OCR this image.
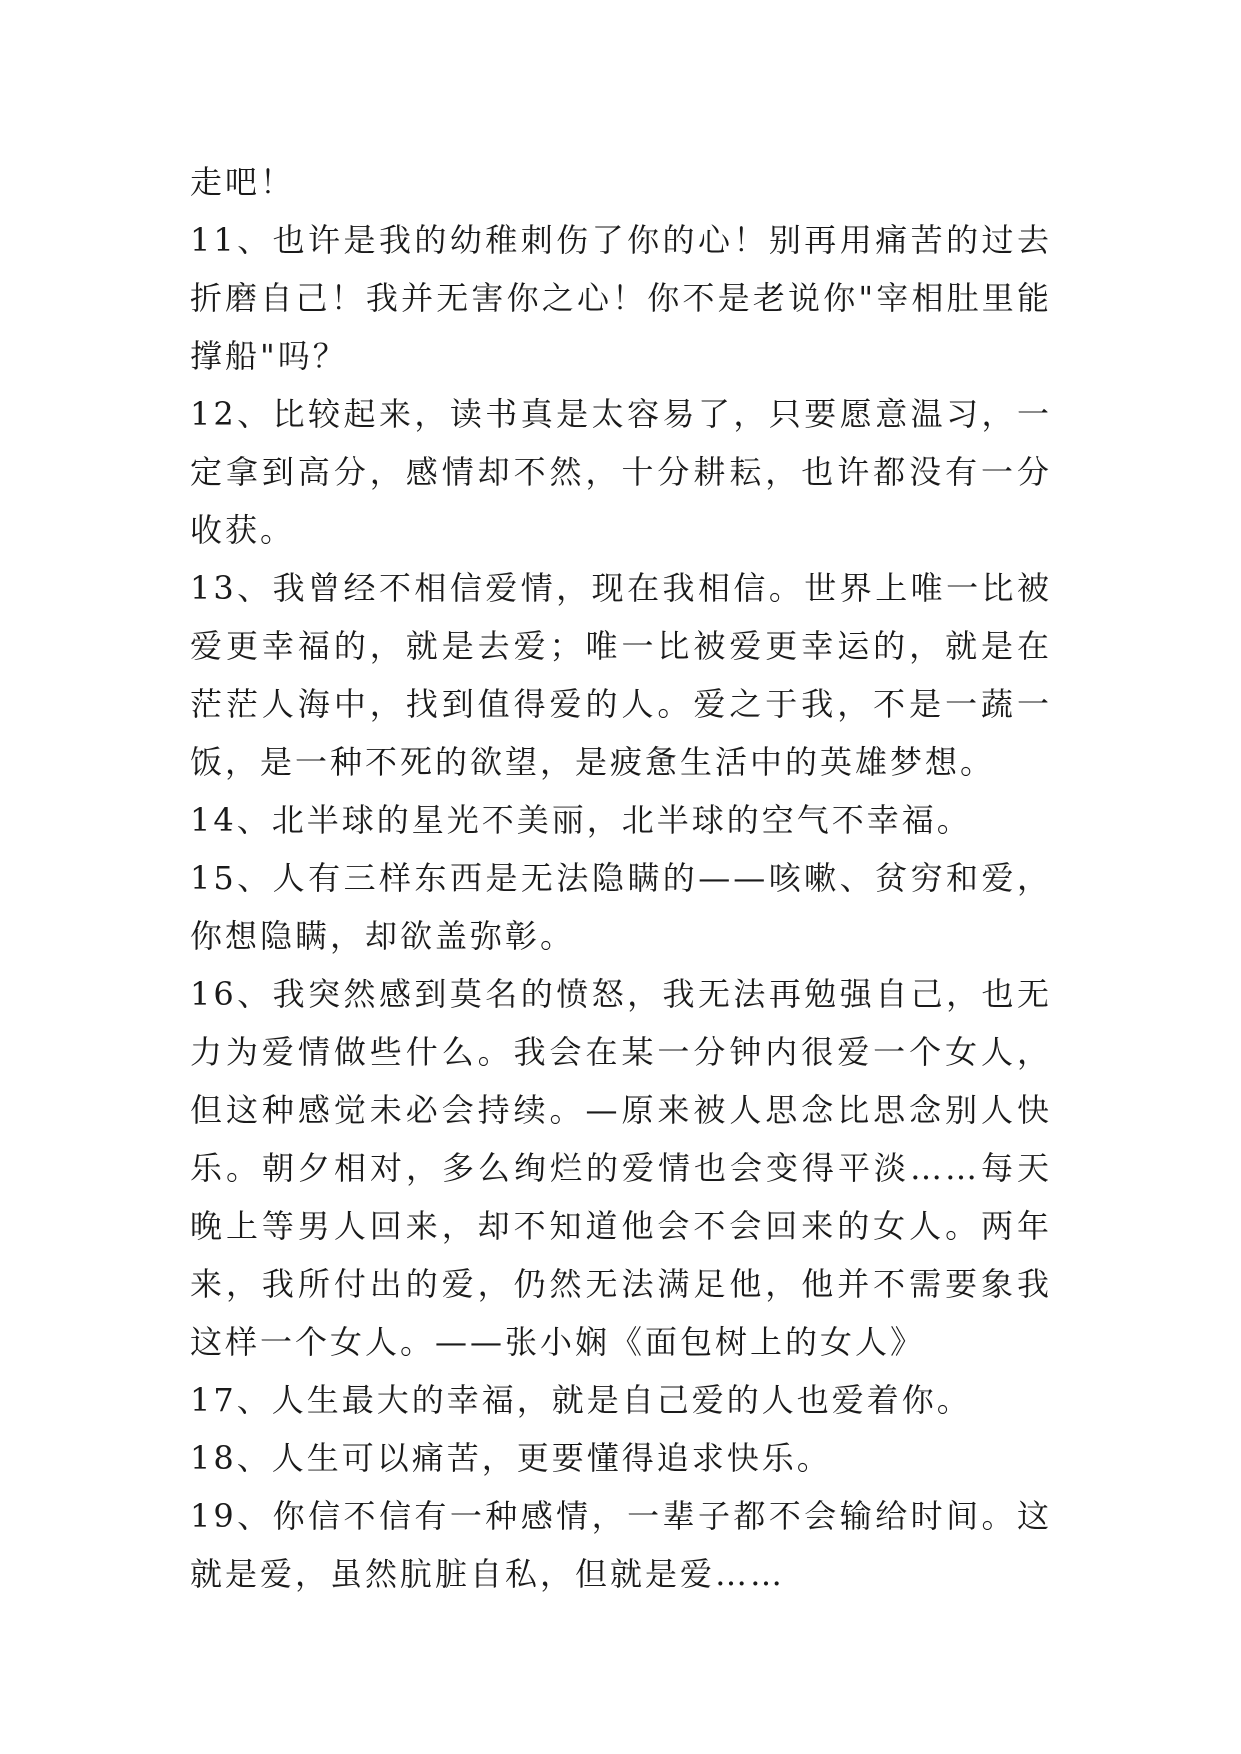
走吧！

11、也许是我的幼稚刺伤了你的心！别再用痛苦的过去折磨自己！我并无害你之心！你不是老说你"宰相肚里能撑船"吗？

12、比较起来，读书真是太容易了，只要愿意温习，一定拿到高分，感情却不然，十分耕耘，也许都没有一分收获。

13、我曾经不相信爱情，现在我相信。世界上唯一比被爱更幸福的，就是去爱；唯一比被爱更幸运的，就是在茫茫人海中，找到值得爱的人。爱之于我，不是一蔬一饭，是一种不死的欲望，是疲惫生活中的英雄梦想。

14、北半球的星光不美丽，北半球的空气不幸福。

15、人有三样东西是无法隐瞒的——咳嗽、贫穷和爱，你想隐瞒，却欲盖弥彰。

16、我突然感到莫名的愤怒，我无法再勉强自己，也无力为爱情做些什么。我会在某一分钟内很爱一个女人，但这种感觉未必会持续。—原来被人思念比思念别人快乐。朝夕相对，多么绚烂的爱情也会变得平淡……每天晚上等男人回来，却不知道他会不会回来的女人。两年来，我所付出的爱，仍然无法满足他，他并不需要象我这样一个女人。——张小娴《面包树上的女人》

17、人生最大的幸福，就是自己爱的人也爱着你。

18、人生可以痛苦，更要懂得追求快乐。

19、你信不信有一种感情，一辈子都不会输给时间。这就是爱，虽然肮脏自私，但就是爱……
